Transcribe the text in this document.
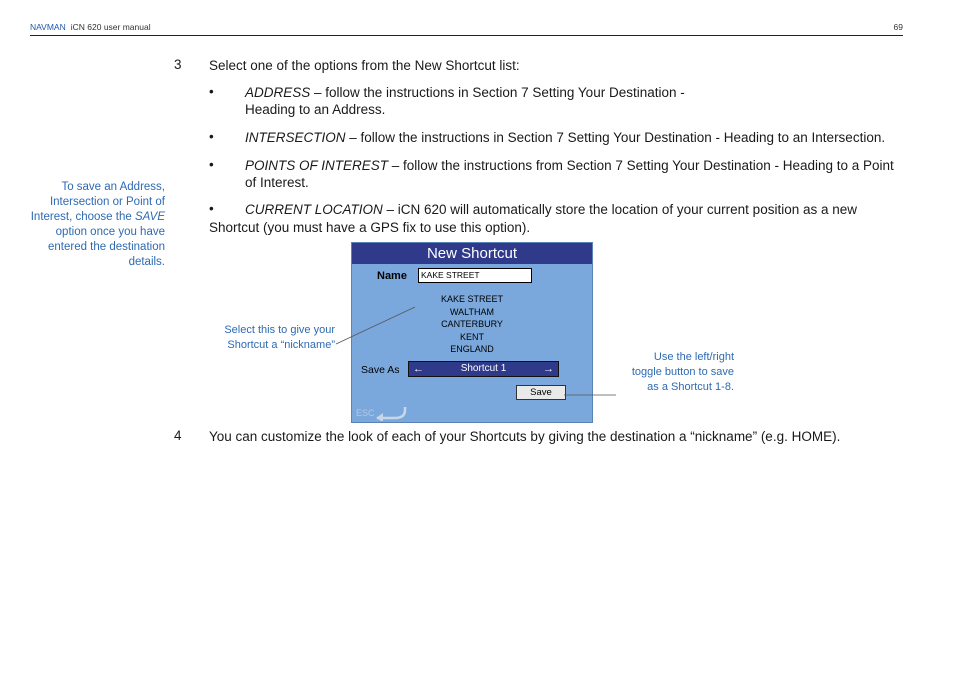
NAVMAN iCN 620 user manual	69
3 Select one of the options from the New Shortcut list:
• ADDRESS – follow the instructions in Section 7 Setting Your Destination -
Heading to an Address.
• INTERSECTION – follow the instructions in Section 7 Setting Your Destination - Heading to an Intersection.
• POINTS OF INTEREST – follow the instructions from Section 7 Setting Your Destination - Heading to a Point
of Interest.
• CURRENT LOCATION – iCN 620 will automatically store the location of your current position as a new
Shortcut (you must have a GPS fix to use this option).
To save an Address, Intersection or Point of Interest, choose the SAVE option once you have entered the destination details.
Select this to give your
Shortcut a “nickname”
Use the left/right
toggle button to save
as a Shortcut 1-8.
New Shortcut
Name	KAKE STREET
KAKE STREET
WALTHAM
CANTERBURY
KENT
ENGLAND
Save As ←	Shortcut 1	→
Save
ESC
4 You can customize the look of each of your Shortcuts by giving the destination a “nickname” (e.g. HOME).
